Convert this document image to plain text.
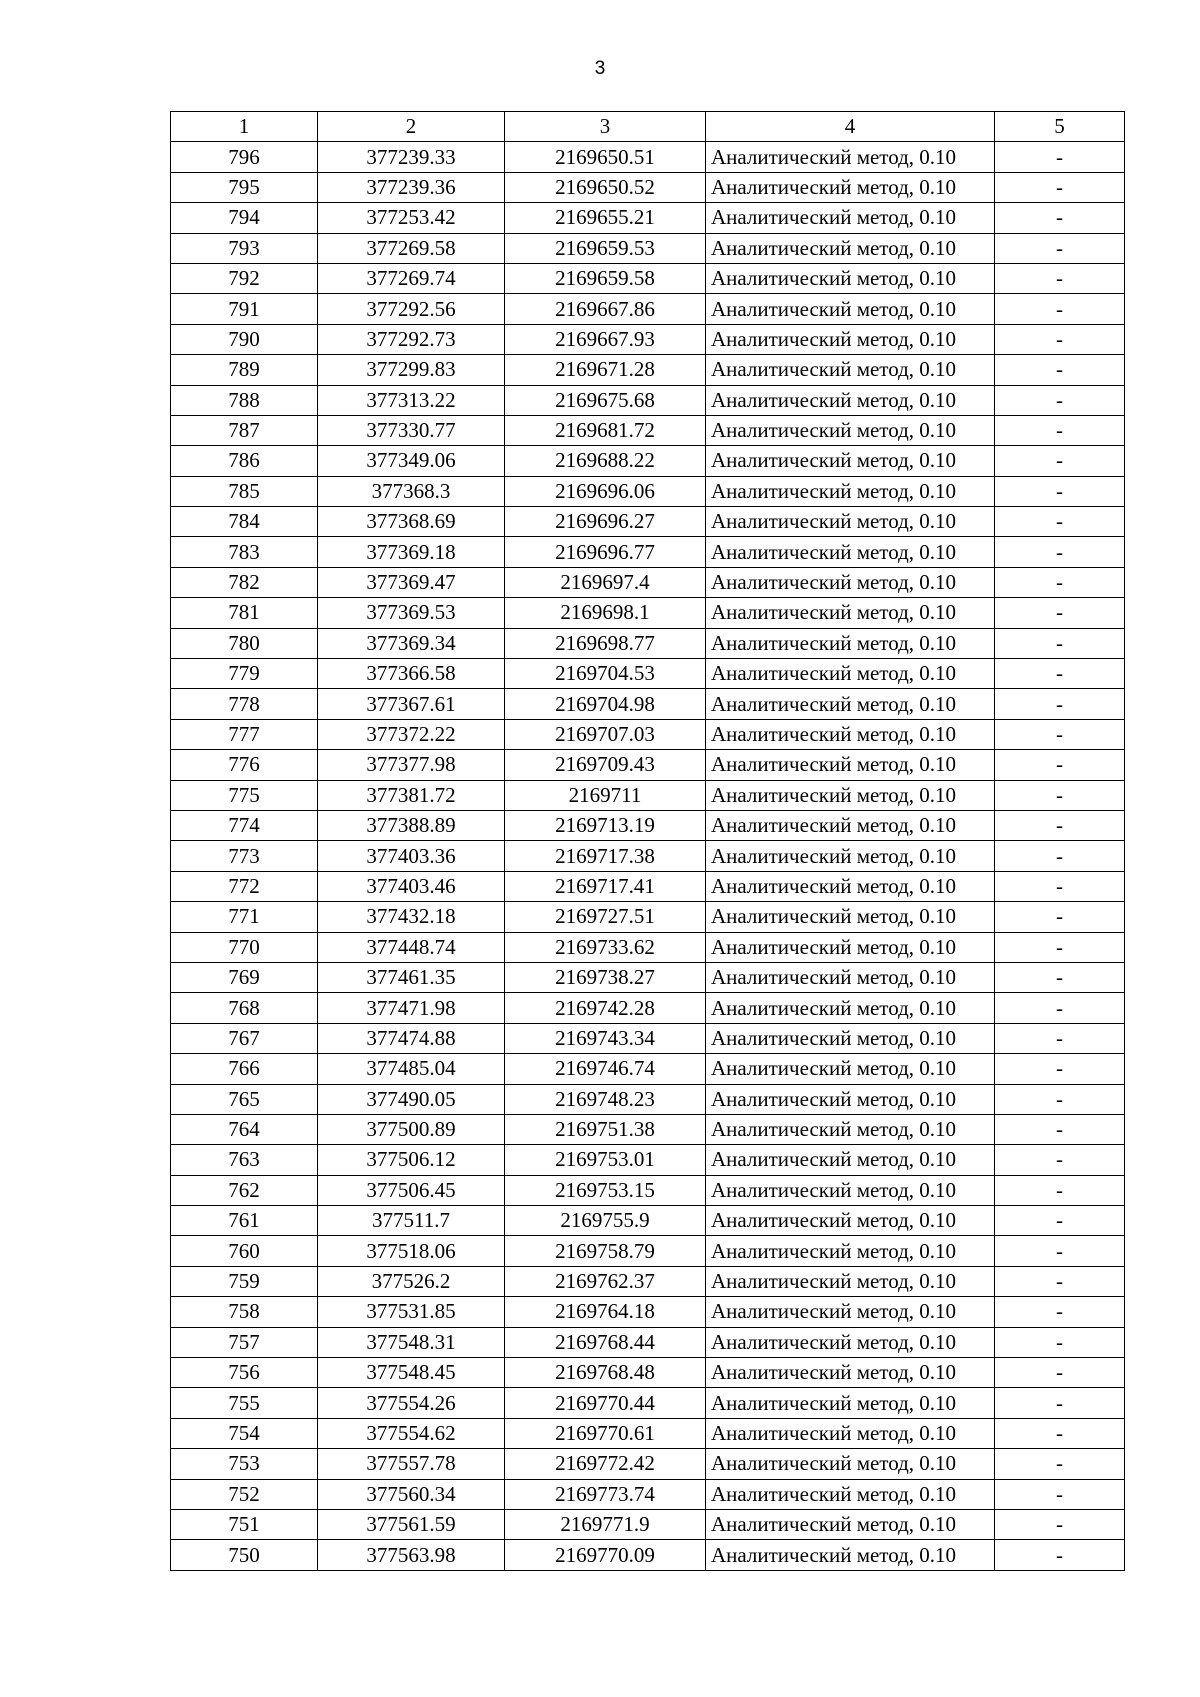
3
1	2	3	4	5
796	377239.33	2169650.51	Аналитический метод, 0.10	-
795	377239.36	2169650.52	Аналитический метод, 0.10	-
794	377253.42	2169655.21	Аналитический метод, 0.10	-
793	377269.58	2169659.53	Аналитический метод, 0.10	-
792	377269.74	2169659.58	Аналитический метод, 0.10	-
791	377292.56	2169667.86	Аналитический метод, 0.10	-
790	377292.73	2169667.93	Аналитический метод, 0.10	-
789	377299.83	2169671.28	Аналитический метод, 0.10	-
788	377313.22	2169675.68	Аналитический метод, 0.10	-
787	377330.77	2169681.72	Аналитический метод, 0.10	-
786	377349.06	2169688.22	Аналитический метод, 0.10	-
785	377368.3	2169696.06	Аналитический метод, 0.10	-
784	377368.69	2169696.27	Аналитический метод, 0.10	-
783	377369.18	2169696.77	Аналитический метод, 0.10	-
782	377369.47	2169697.4	Аналитический метод, 0.10	-
781	377369.53	2169698.1	Аналитический метод, 0.10	-
780	377369.34	2169698.77	Аналитический метод, 0.10	-
779	377366.58	2169704.53	Аналитический метод, 0.10	-
778	377367.61	2169704.98	Аналитический метод, 0.10	-
777	377372.22	2169707.03	Аналитический метод, 0.10	-
776	377377.98	2169709.43	Аналитический метод, 0.10	-
775	377381.72	2169711	Аналитический метод, 0.10	-
774	377388.89	2169713.19	Аналитический метод, 0.10	-
773	377403.36	2169717.38	Аналитический метод, 0.10	-
772	377403.46	2169717.41	Аналитический метод, 0.10	-
771	377432.18	2169727.51	Аналитический метод, 0.10	-
770	377448.74	2169733.62	Аналитический метод, 0.10	-
769	377461.35	2169738.27	Аналитический метод, 0.10	-
768	377471.98	2169742.28	Аналитический метод, 0.10	-
767	377474.88	2169743.34	Аналитический метод, 0.10	-
766	377485.04	2169746.74	Аналитический метод, 0.10	-
765	377490.05	2169748.23	Аналитический метод, 0.10	-
764	377500.89	2169751.38	Аналитический метод, 0.10	-
763	377506.12	2169753.01	Аналитический метод, 0.10	-
762	377506.45	2169753.15	Аналитический метод, 0.10	-
761	377511.7	2169755.9	Аналитический метод, 0.10	-
760	377518.06	2169758.79	Аналитический метод, 0.10	-
759	377526.2	2169762.37	Аналитический метод, 0.10	-
758	377531.85	2169764.18	Аналитический метод, 0.10	-
757	377548.31	2169768.44	Аналитический метод, 0.10	-
756	377548.45	2169768.48	Аналитический метод, 0.10	-
755	377554.26	2169770.44	Аналитический метод, 0.10	-
754	377554.62	2169770.61	Аналитический метод, 0.10	-
753	377557.78	2169772.42	Аналитический метод, 0.10	-
752	377560.34	2169773.74	Аналитический метод, 0.10	-
751	377561.59	2169771.9	Аналитический метод, 0.10	-
750	377563.98	2169770.09	Аналитический метод, 0.10	-
